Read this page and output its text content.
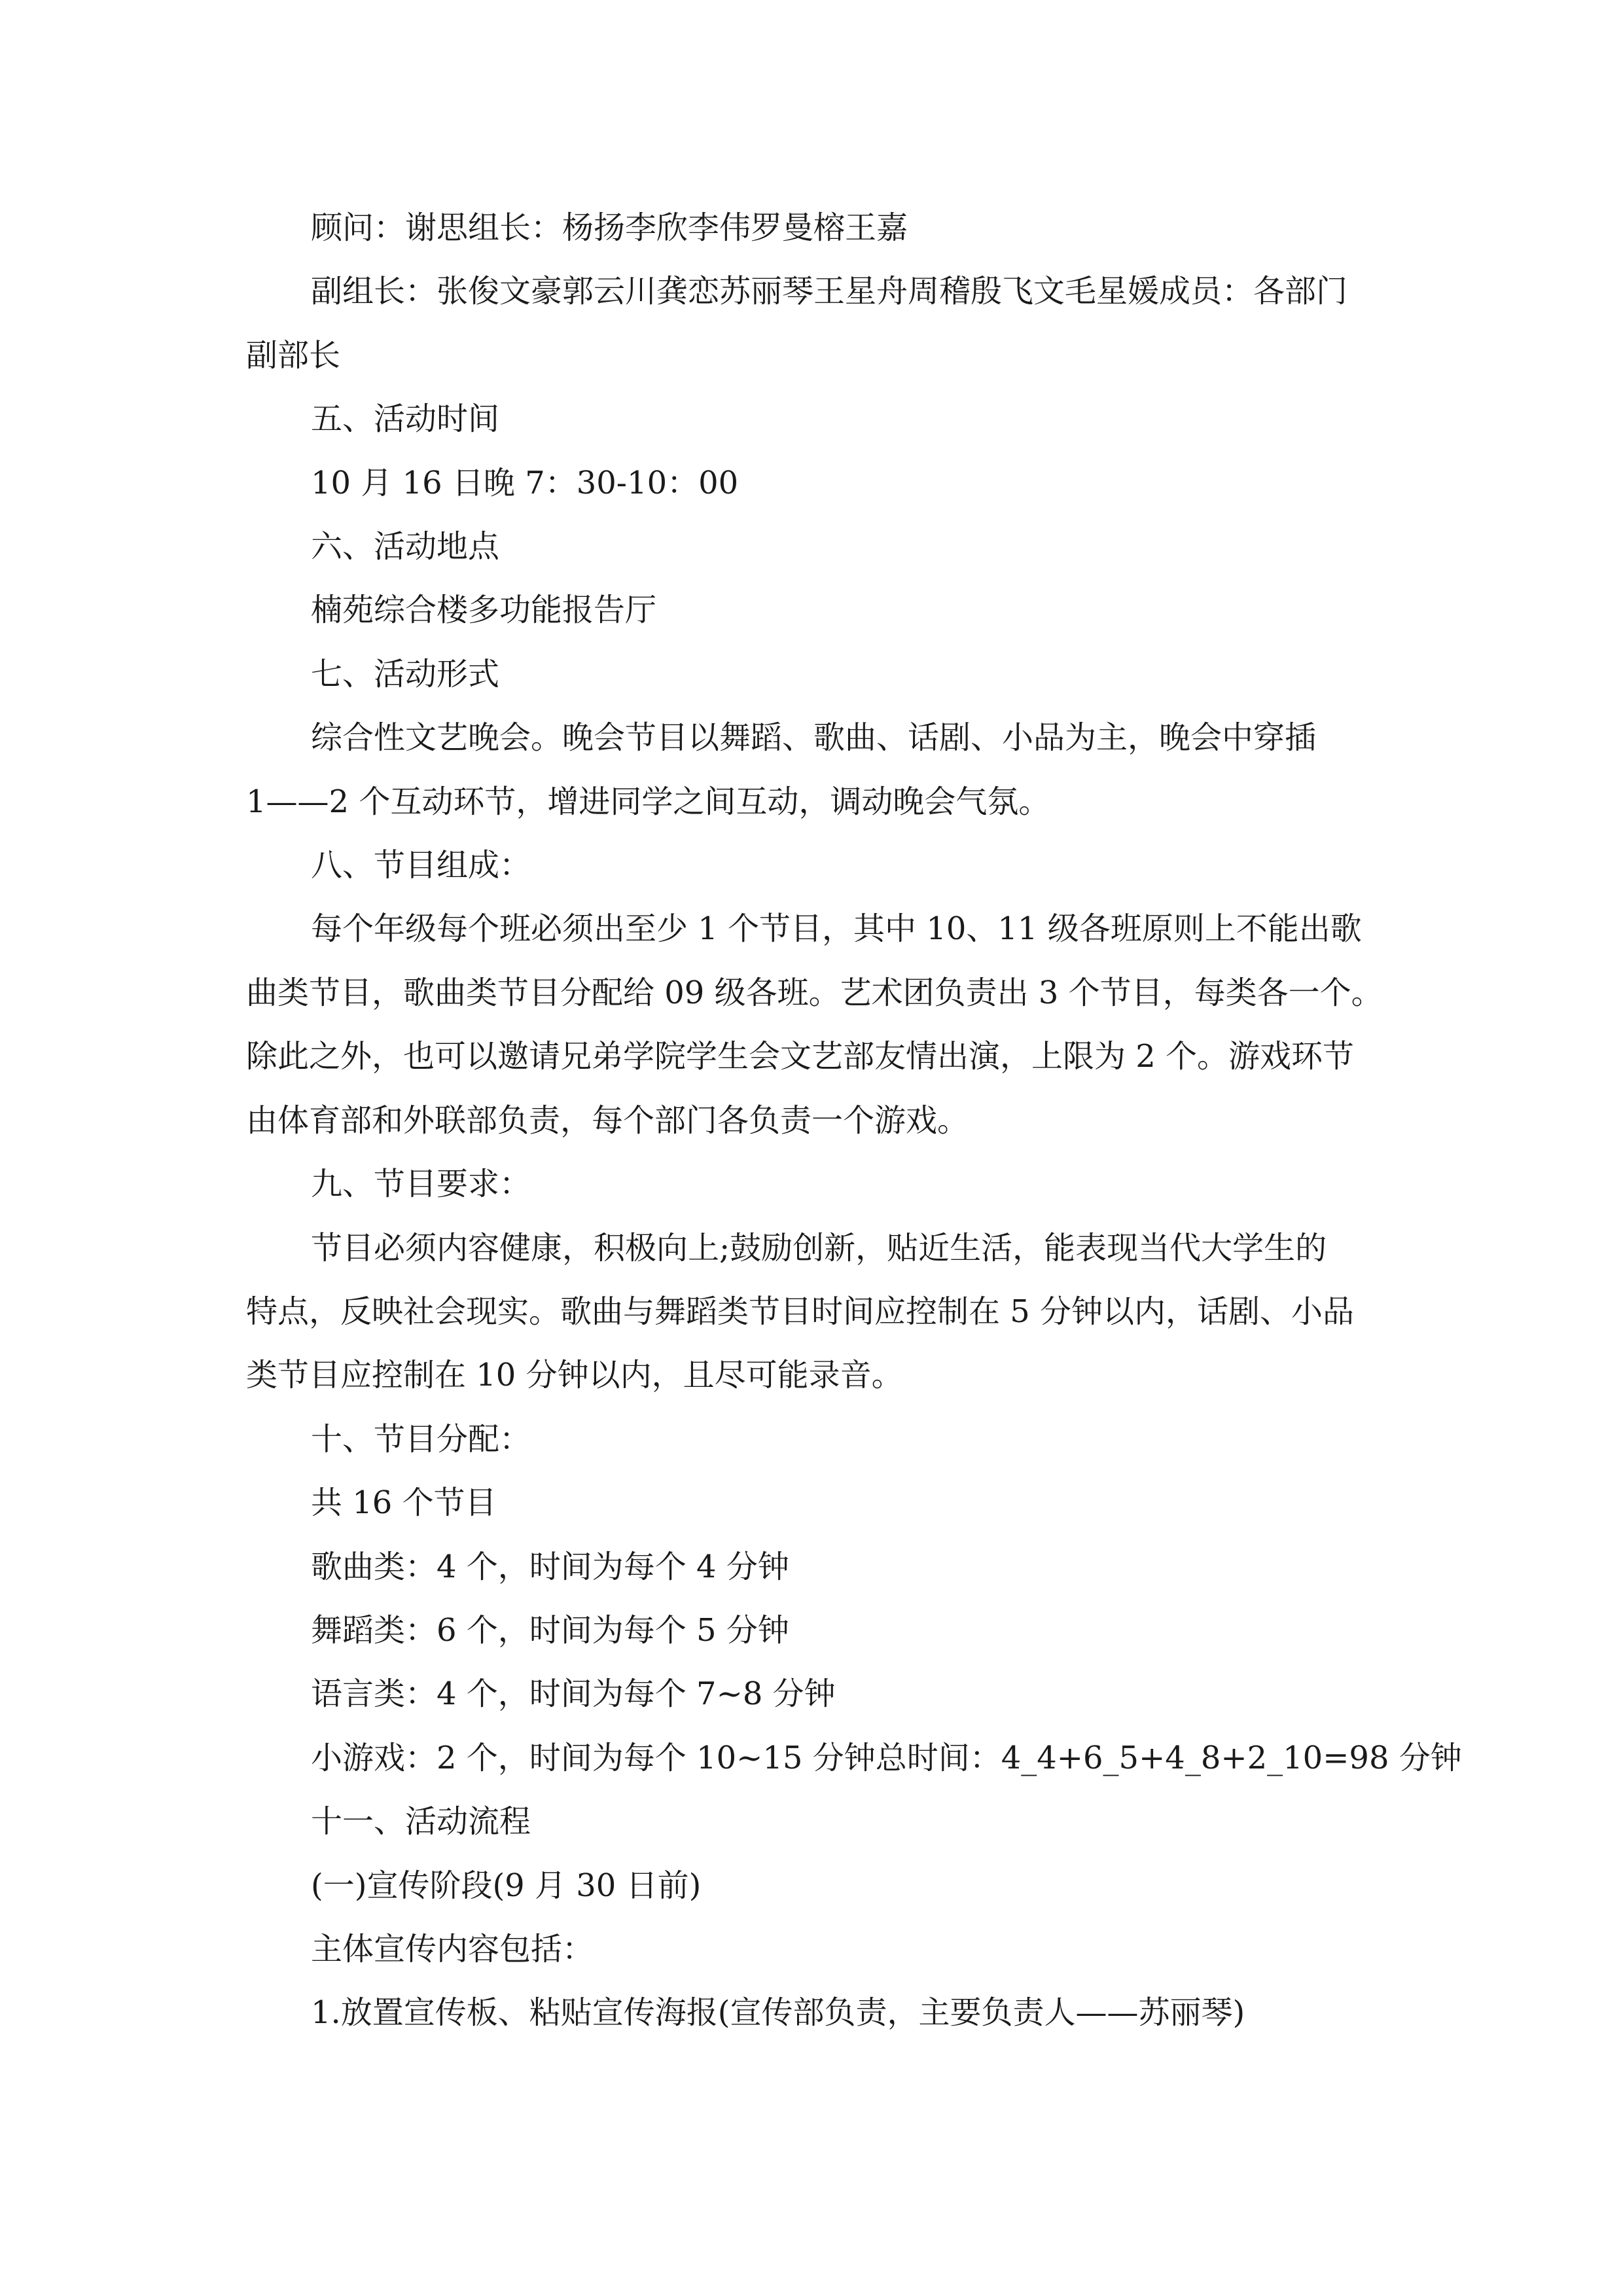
顾问：谢思组长：杨扬李欣李伟罗曼榕王嘉
副组长：张俊文豪郭云川龚恋苏丽琴王星舟周稽殷飞文毛星媛成员：各部门
副部长
五、活动时间
10 月 16 日晚 7：30-10：00
六、活动地点
楠苑综合楼多功能报告厅
七、活动形式
综合性文艺晚会。晚会节目以舞蹈、歌曲、话剧、小品为主，晚会中穿插
1——2 个互动环节，增进同学之间互动，调动晚会气氛。
八、节目组成：
每个年级每个班必须出至少 1 个节目，其中 10、11 级各班原则上不能出歌
曲类节目，歌曲类节目分配给 09 级各班。艺术团负责出 3 个节目，每类各一个。
除此之外，也可以邀请兄弟学院学生会文艺部友情出演，上限为 2 个。游戏环节
由体育部和外联部负责，每个部门各负责一个游戏。
九、节目要求：
节目必须内容健康，积极向上;鼓励创新，贴近生活，能表现当代大学生的
特点，反映社会现实。歌曲与舞蹈类节目时间应控制在 5 分钟以内，话剧、小品
类节目应控制在 10 分钟以内，且尽可能录音。
十、节目分配：
共 16 个节目
歌曲类：4 个，时间为每个 4 分钟
舞蹈类：6 个，时间为每个 5 分钟
语言类：4 个，时间为每个 7~8 分钟
小游戏：2 个，时间为每个 10~15 分钟总时间：4_4+6_5+4_8+2_10=98 分钟
十一、活动流程
(一)宣传阶段(9 月 30 日前)
主体宣传内容包括：
1.放置宣传板、粘贴宣传海报(宣传部负责，主要负责人——苏丽琴)
